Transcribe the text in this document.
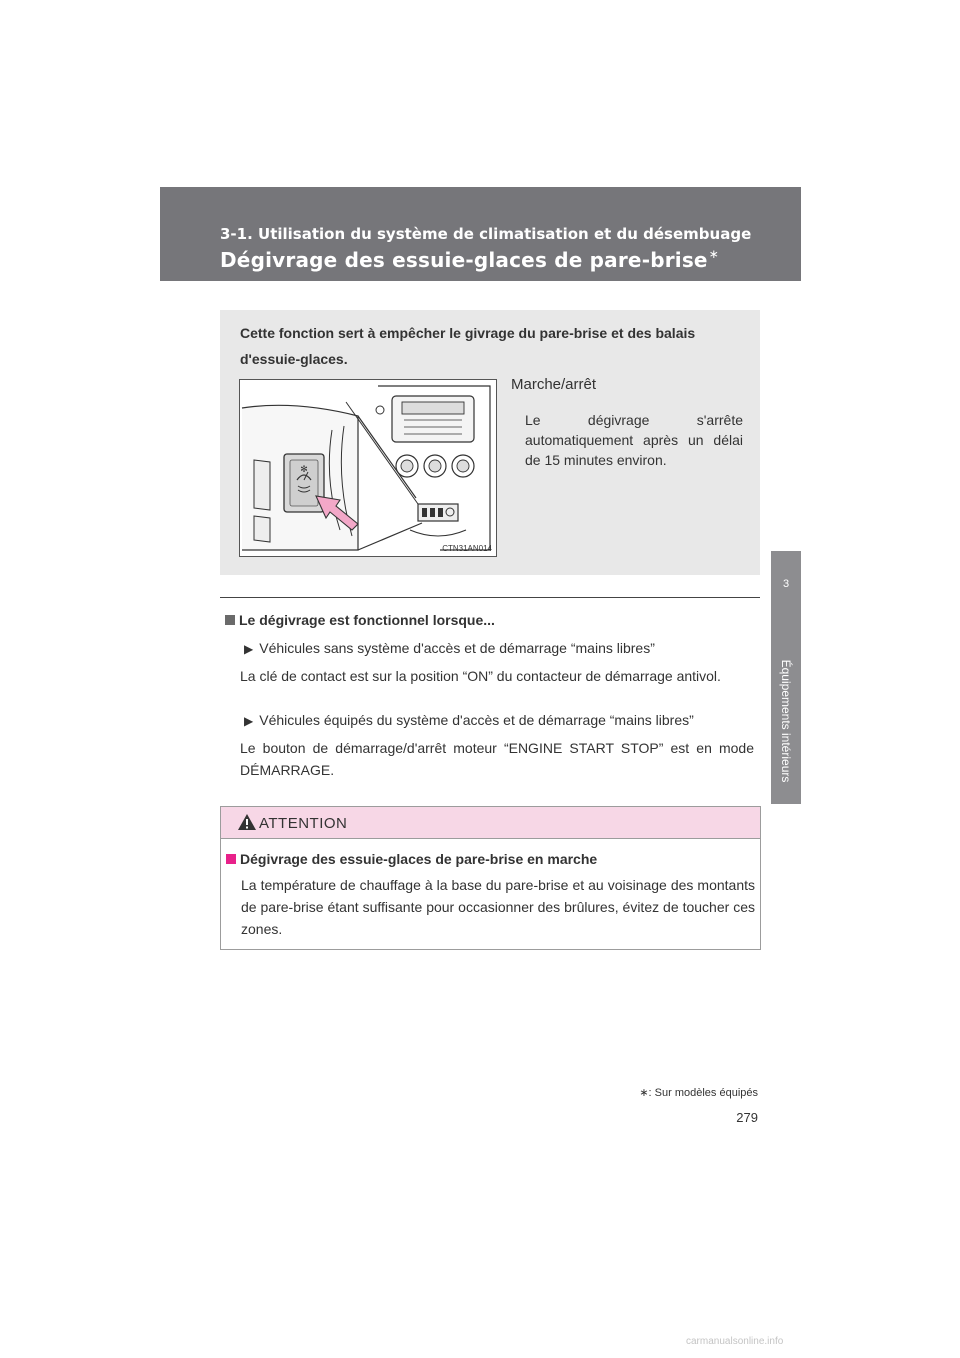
3-1. Utilisation du système de climatisation et du désembuage
Dégivrage des essuie-glaces de pare-brise∗
3
Équipements intérieurs
Cette fonction sert à empêcher le givrage du pare-brise et des balais d'essuie-glaces.
✻
CTN31AN014
Marche/arrêt
Le dégivrage s'arrête automatiquement après un délai de 15 minutes environ.
Le dégivrage est fonctionnel lorsque...
▶ Véhicules sans système d'accès et de démarrage “mains libres”
La clé de contact est sur la position “ON” du contacteur de démarrage antivol.
▶ Véhicules équipés du système d'accès et de démarrage “mains libres”
Le bouton de démarrage/d'arrêt moteur “ENGINE START STOP” est en mode DÉMARRAGE.
ATTENTION
Dégivrage des essuie-glaces de pare-brise en marche
La température de chauffage à la base du pare-brise et au voisinage des montants de pare-brise étant suffisante pour occasionner des brûlures, évitez de toucher ces zones.
∗: Sur modèles équipés
279
carmanualsonline.info
